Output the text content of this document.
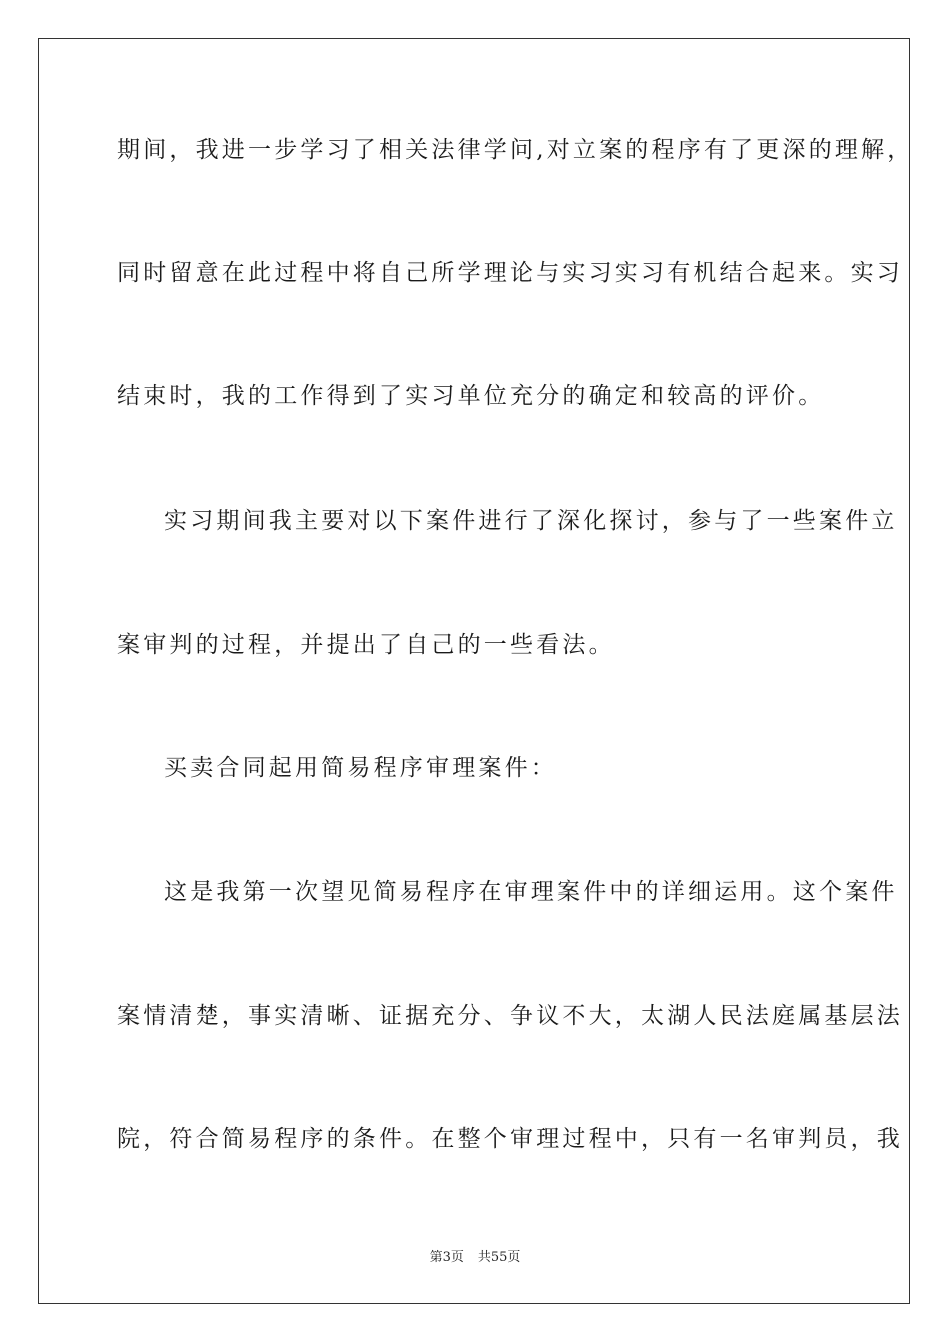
期间，我进一步学习了相关法律学问,对立案的程序有了更深的理解，
同时留意在此过程中将自己所学理论与实习实习有机结合起来。实习
结束时，我的工作得到了实习单位充分的确定和较高的评价。
实习期间我主要对以下案件进行了深化探讨，参与了一些案件立
案审判的过程，并提出了自己的一些看法。
买卖合同起用简易程序审理案件：
这是我第一次望见简易程序在审理案件中的详细运用。这个案件
案情清楚，事实清晰、证据充分、争议不大，太湖人民法庭属基层法
院，符合简易程序的条件。在整个审理过程中，只有一名审判员，我
第3页 共55页
